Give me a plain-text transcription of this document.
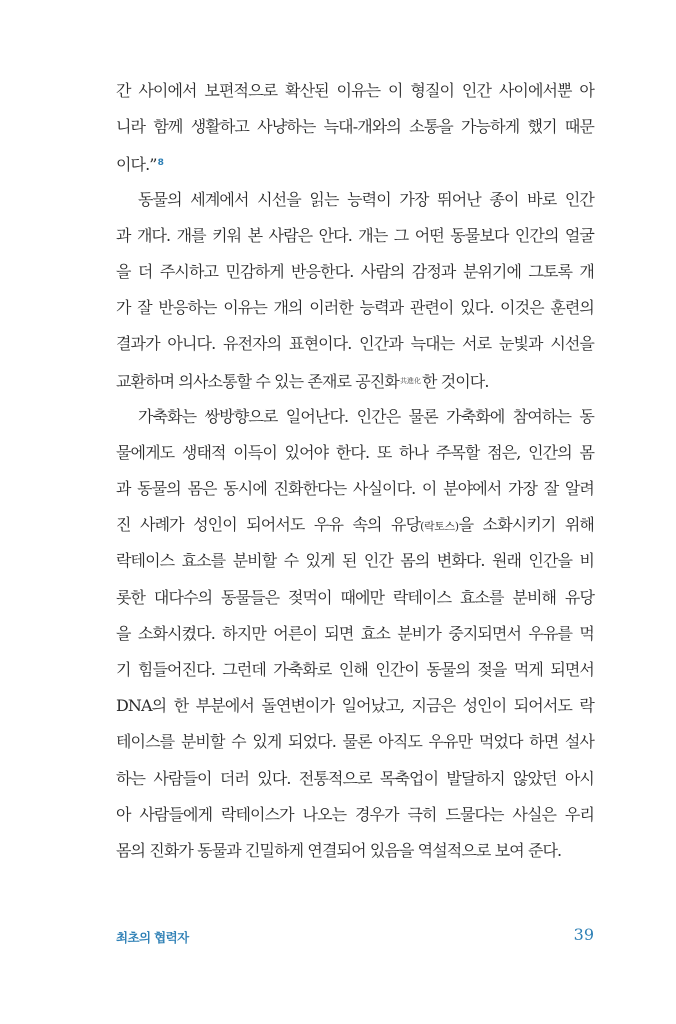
간 사이에서 보편적으로 확산된 이유는 이 형질이 인간 사이에서뿐 아
니라 함께 생활하고 사냥하는 늑대-개와의 소통을 가능하게 했기 때문
이다.”$^8$
동물의 세계에서 시선을 읽는 능력이 가장 뛰어난 종이 바로 인간
과 개다. 개를 키워 본 사람은 안다. 개는 그 어떤 동물보다 인간의 얼굴
을 더 주시하고 민감하게 반응한다. 사람의 감정과 분위기에 그토록 개
가 잘 반응하는 이유는 개의 이러한 능력과 관련이 있다. 이것은 훈련의
결과가 아니다. 유전자의 표현이다. 인간과 늑대는 서로 눈빛과 시선을
교환하며 의사소통할 수 있는 존재로 공진화$^{共進化}$한 것이다.
가축화는 쌍방향으로 일어난다. 인간은 물론 가축화에 참여하는 동
물에게도 생태적 이득이 있어야 한다. 또 하나 주목할 점은, 인간의 몸
과 동물의 몸은 동시에 진화한다는 사실이다. 이 분야에서 가장 잘 알려
진 사례가 성인이 되어서도 우유 속의 유당(락토스)을 소화시키기 위해
락테이스 효소를 분비할 수 있게 된 인간 몸의 변화다. 원래 인간을 비
롯한 대다수의 동물들은 젖먹이 때에만 락테이스 효소를 분비해 유당
을 소화시켰다. 하지만 어른이 되면 효소 분비가 중지되면서 우유를 먹
기 힘들어진다. 그런데 가축화로 인해 인간이 동물의 젖을 먹게 되면서
DNA의 한 부분에서 돌연변이가 일어났고, 지금은 성인이 되어서도 락
테이스를 분비할 수 있게 되었다. 물론 아직도 우유만 먹었다 하면 설사
하는 사람들이 더러 있다. 전통적으로 목축업이 발달하지 않았던 아시
아 사람들에게 락테이스가 나오는 경우가 극히 드물다는 사실은 우리
몸의 진화가 동물과 긴밀하게 연결되어 있음을 역설적으로 보여 준다.
최초의 협력자	39
